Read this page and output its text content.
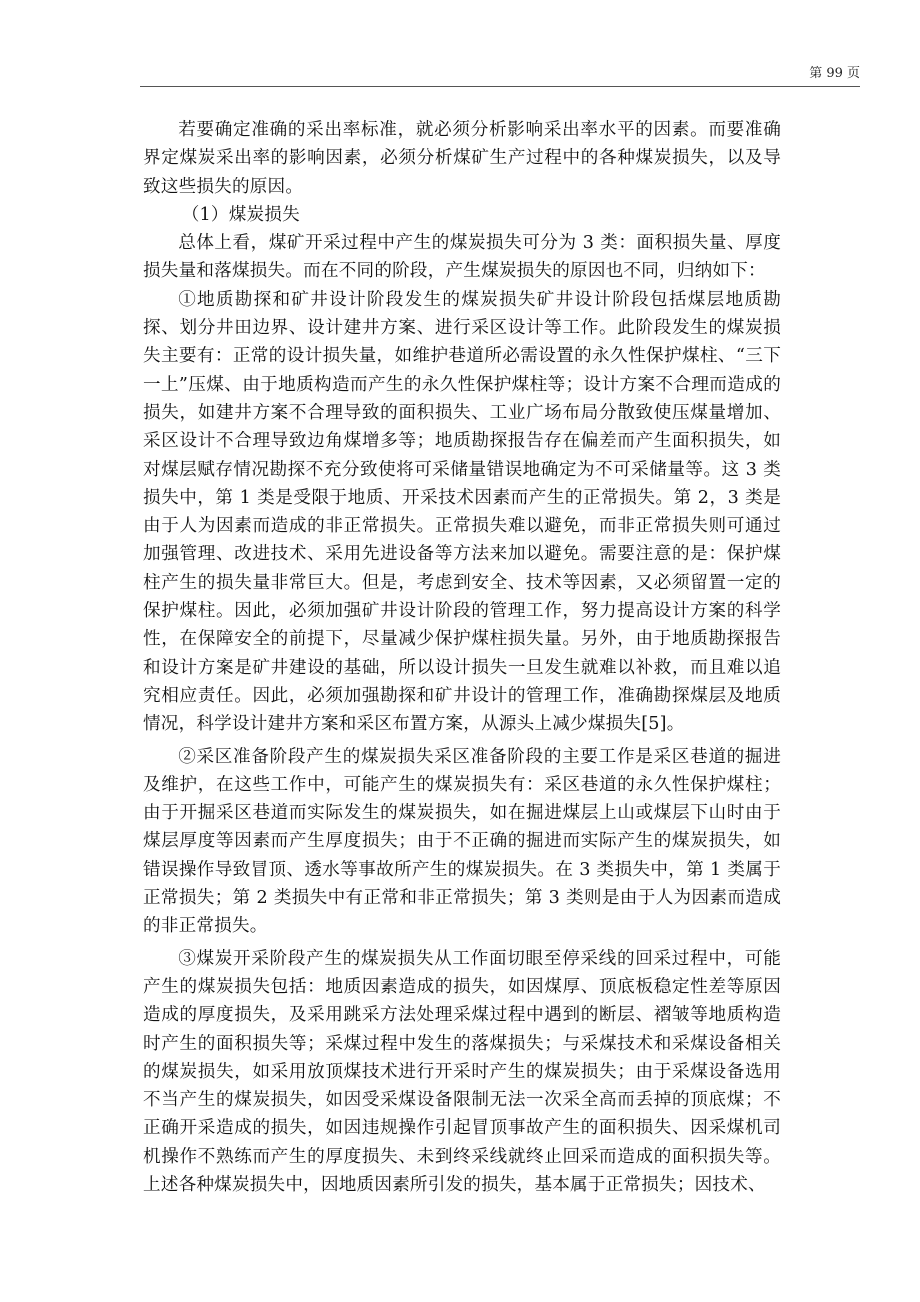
第 99 页

若要确定准确的采出率标准，就必须分析影响采出率水平的因素。而要准确界定煤炭采出率的影响因素，必须分析煤矿生产过程中的各种煤炭损失，以及导致这些损失的原因。

（1）煤炭损失

总体上看，煤矿开采过程中产生的煤炭损失可分为 3 类：面积损失量、厚度损失量和落煤损失。而在不同的阶段，产生煤炭损失的原因也不同，归纳如下：

①地质勘探和矿井设计阶段发生的煤炭损失矿井设计阶段包括煤层地质勘探、划分井田边界、设计建井方案、进行采区设计等工作。此阶段发生的煤炭损失主要有：正常的设计损失量，如维护巷道所必需设置的永久性保护煤柱、“三下一上”压煤、由于地质构造而产生的永久性保护煤柱等；设计方案不合理而造成的损失，如建井方案不合理导致的面积损失、工业广场布局分散致使压煤量增加、采区设计不合理导致边角煤增多等；地质勘探报告存在偏差而产生面积损失，如对煤层赋存情况勘探不充分致使将可采储量错误地确定为不可采储量等。这 3 类损失中，第 1 类是受限于地质、开采技术因素而产生的正常损失。第 2，3 类是由于人为因素而造成的非正常损失。正常损失难以避免，而非正常损失则可通过加强管理、改进技术、采用先进设备等方法来加以避免。需要注意的是：保护煤柱产生的损失量非常巨大。但是，考虑到安全、技术等因素，又必须留置一定的保护煤柱。因此，必须加强矿井设计阶段的管理工作，努力提高设计方案的科学性，在保障安全的前提下，尽量减少保护煤柱损失量。另外，由于地质勘探报告和设计方案是矿井建设的基础，所以设计损失一旦发生就难以补救，而且难以追究相应责任。因此，必须加强勘探和矿井设计的管理工作，准确勘探煤层及地质情况，科学设计建井方案和采区布置方案，从源头上减少煤损失[5]。

②采区准备阶段产生的煤炭损失采区准备阶段的主要工作是采区巷道的掘进及维护，在这些工作中，可能产生的煤炭损失有：采区巷道的永久性保护煤柱；由于开掘采区巷道而实际发生的煤炭损失，如在掘进煤层上山或煤层下山时由于煤层厚度等因素而产生厚度损失；由于不正确的掘进而实际产生的煤炭损失，如错误操作导致冒顶、透水等事故所产生的煤炭损失。在 3 类损失中，第 1 类属于正常损失；第 2 类损失中有正常和非正常损失；第 3 类则是由于人为因素而造成的非正常损失。

③煤炭开采阶段产生的煤炭损失从工作面切眼至停采线的回采过程中，可能产生的煤炭损失包括：地质因素造成的损失，如因煤厚、顶底板稳定性差等原因造成的厚度损失，及采用跳采方法处理采煤过程中遇到的断层、褶皱等地质构造时产生的面积损失等；采煤过程中发生的落煤损失；与采煤技术和采煤设备相关的煤炭损失，如采用放顶煤技术进行开采时产生的煤炭损失；由于采煤设备选用不当产生的煤炭损失，如因受采煤设备限制无法一次采全高而丢掉的顶底煤；不正确开采造成的损失，如因违规操作引起冒顶事故产生的面积损失、因采煤机司机操作不熟练而产生的厚度损失、未到终采线就终止回采而造成的面积损失等。上述各种煤炭损失中，因地质因素所引发的损失，基本属于正常损失；因技术、
